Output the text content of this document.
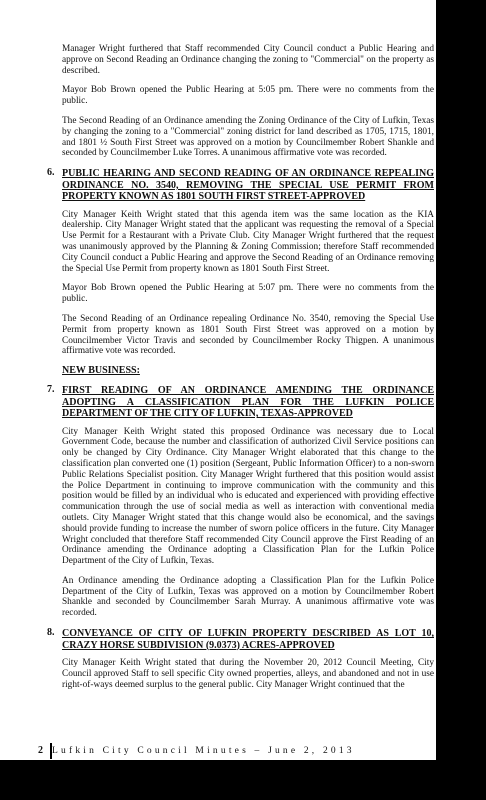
Manager Wright furthered that Staff recommended City Council conduct a Public Hearing and approve on Second Reading an Ordinance changing the zoning to "Commercial" on the property as described.

Mayor Bob Brown opened the Public Hearing at 5:05 pm. There were no comments from the public.

The Second Reading of an Ordinance amending the Zoning Ordinance of the City of Lufkin, Texas by changing the zoning to a "Commercial" zoning district for land described as 1705, 1715, 1801, and 1801 ½ South First Street was approved on a motion by Councilmember Robert Shankle and seconded by Councilmember Luke Torres. A unanimous affirmative vote was recorded.

6. PUBLIC HEARING AND SECOND READING OF AN ORDINANCE REPEALING ORDINANCE NO. 3540, REMOVING THE SPECIAL USE PERMIT FROM PROPERTY KNOWN AS 1801 SOUTH FIRST STREET-APPROVED

City Manager Keith Wright stated that this agenda item was the same location as the KIA dealership. City Manager Wright stated that the applicant was requesting the removal of a Special Use Permit for a Restaurant with a Private Club. City Manager Wright furthered that the request was unanimously approved by the Planning & Zoning Commission; therefore Staff recommended City Council conduct a Public Hearing and approve the Second Reading of an Ordinance removing the Special Use Permit from property known as 1801 South First Street.

Mayor Bob Brown opened the Public Hearing at 5:07 pm. There were no comments from the public.

The Second Reading of an Ordinance repealing Ordinance No. 3540, removing the Special Use Permit from property known as 1801 South First Street was approved on a motion by Councilmember Victor Travis and seconded by Councilmember Rocky Thigpen. A unanimous affirmative vote was recorded.

NEW BUSINESS:
7. FIRST READING OF AN ORDINANCE AMENDING THE ORDINANCE ADOPTING A CLASSIFICATION PLAN FOR THE LUFKIN POLICE DEPARTMENT OF THE CITY OF LUFKIN, TEXAS-APPROVED

City Manager Keith Wright stated this proposed Ordinance was necessary due to Local Government Code, because the number and classification of authorized Civil Service positions can only be changed by City Ordinance. City Manager Wright elaborated that this change to the classification plan converted one (1) position (Sergeant, Public Information Officer) to a non-sworn Public Relations Specialist position. City Manager Wright furthered that this position would assist the Police Department in continuing to improve communication with the community and this position would be filled by an individual who is educated and experienced with providing effective communication through the use of social media as well as interaction with conventional media outlets. City Manager Wright stated that this change would also be economical, and the savings should provide funding to increase the number of sworn police officers in the future. City Manager Wright concluded that therefore Staff recommended City Council approve the First Reading of an Ordinance amending the Ordinance adopting a Classification Plan for the Lufkin Police Department of the City of Lufkin, Texas.

An Ordinance amending the Ordinance adopting a Classification Plan for the Lufkin Police Department of the City of Lufkin, Texas was approved on a motion by Councilmember Robert Shankle and seconded by Councilmember Sarah Murray. A unanimous affirmative vote was recorded.

8. CONVEYANCE OF CITY OF LUFKIN PROPERTY DESCRIBED AS LOT 10, CRAZY HORSE SUBDIVISION (9.0373) ACRES-APPROVED

City Manager Keith Wright stated that during the November 20, 2012 Council Meeting, City Council approved Staff to sell specific City owned properties, alleys, and abandoned and not in use right-of-ways deemed surplus to the general public. City Manager Wright continued that the

2 Lufkin City Council Minutes – June 2, 2013
